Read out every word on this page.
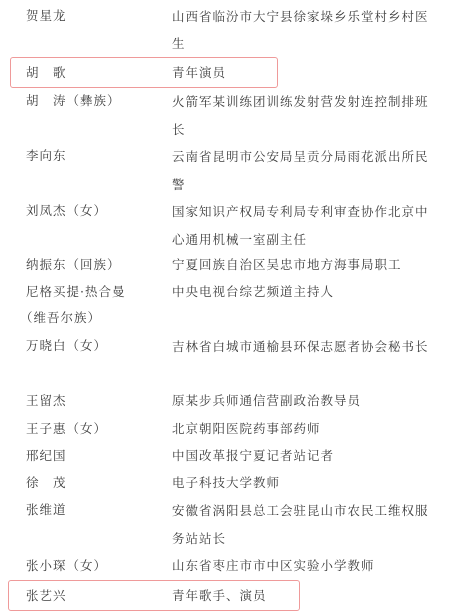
贺星龙	山西省临汾市大宁县徐家垛乡乐堂村乡村医生
胡　歌	青年演员
胡　涛（彝族）	火箭军某训练团训练发射营发射连控制排班长
李向东	云南省昆明市公安局呈贡分局雨花派出所民警
刘凤杰（女）	国家知识产权局专利局专利审查协作北京中心通用机械一室副主任
纳振东（回族）	宁夏回族自治区吴忠市地方海事局职工
尼格买提·热合曼	中央电视台综艺频道主持人
（维吾尔族）
万晓白（女）	吉林省白城市通榆县环保志愿者协会秘书长
王留杰	原某步兵师通信营副政治教导员
王子惠（女）	北京朝阳医院药事部药师
邢纪国	中国改革报宁夏记者站记者
徐　茂	电子科技大学教师
张维道	安徽省涡阳县总工会驻昆山市农民工维权服务站站长
张小琛（女）	山东省枣庄市市中区实验小学教师
张艺兴	青年歌手、演员
